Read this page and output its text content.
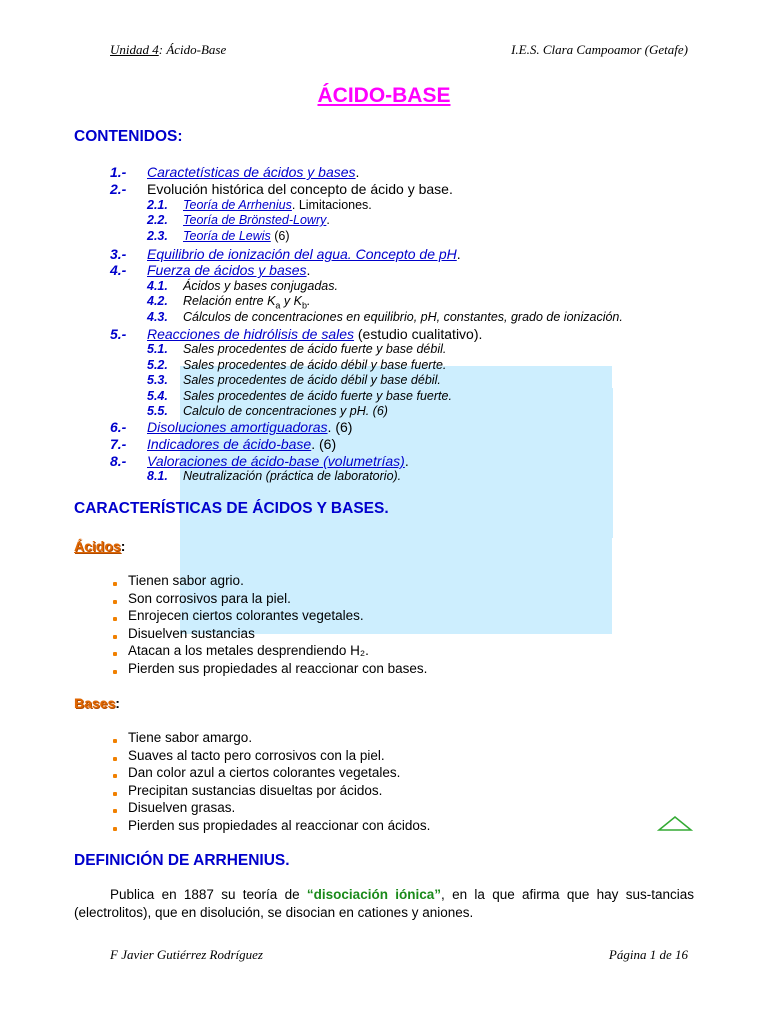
Unidad 4: Ácido-Base	I.E.S. Clara Campoamor (Getafe)
ÁCIDO-BASE
CONTENIDOS:
1.- Caractetísticas de ácidos y bases.
2.- Evolución histórica del concepto de ácido y base.
2.1. Teoría de Arrhenius. Limitaciones.
2.2. Teoría de Brönsted-Lowry.
2.3. Teoría de Lewis (6)
3.- Equilibrio de ionización del agua. Concepto de pH.
4.- Fuerza de ácidos y bases.
4.1. Ácidos y bases conjugadas.
4.2. Relación entre $K_a$ y $K_b$.
4.3. Cálculos de concentraciones en equilibrio, pH, constantes, grado de ionización.
5.- Reacciones de hidrólisis de sales (estudio cualitativo).
5.1. Sales procedentes de ácido fuerte y base débil.
5.2. Sales procedentes de ácido débil y base fuerte.
5.3. Sales procedentes de ácido débil y base débil.
5.4. Sales procedentes de ácido fuerte y base fuerte.
5.5. Calculo de concentraciones y pH. (6)
6.- Disoluciones amortiguadoras. (6)
7.- Indicadores de ácido-base. (6)
8.- Valoraciones de ácido-base (volumetrías).
8.1. Neutralización (práctica de laboratorio).
CARACTERÍSTICAS DE ÁCIDOS Y BASES.
Ácidos:
Tienen sabor agrio.
Son corrosivos para la piel.
Enrojecen ciertos colorantes vegetales.
Disuelven sustancias
Atacan a los metales desprendiendo H₂.
Pierden sus propiedades al reaccionar con bases.
Bases:
Tiene sabor amargo.
Suaves al tacto pero corrosivos con la piel.
Dan color azul a ciertos colorantes vegetales.
Precipitan sustancias disueltas por ácidos.
Disuelven grasas.
Pierden sus propiedades al reaccionar con ácidos.
DEFINICIÓN DE ARRHENIUS.
Publica en 1887 su teoría de “disociación iónica”, en la que afirma que hay sus-tancias (electrolitos), que en disolución, se disocian en cationes y aniones.
F Javier Gutiérrez Rodríguez	Página 1 de 16
